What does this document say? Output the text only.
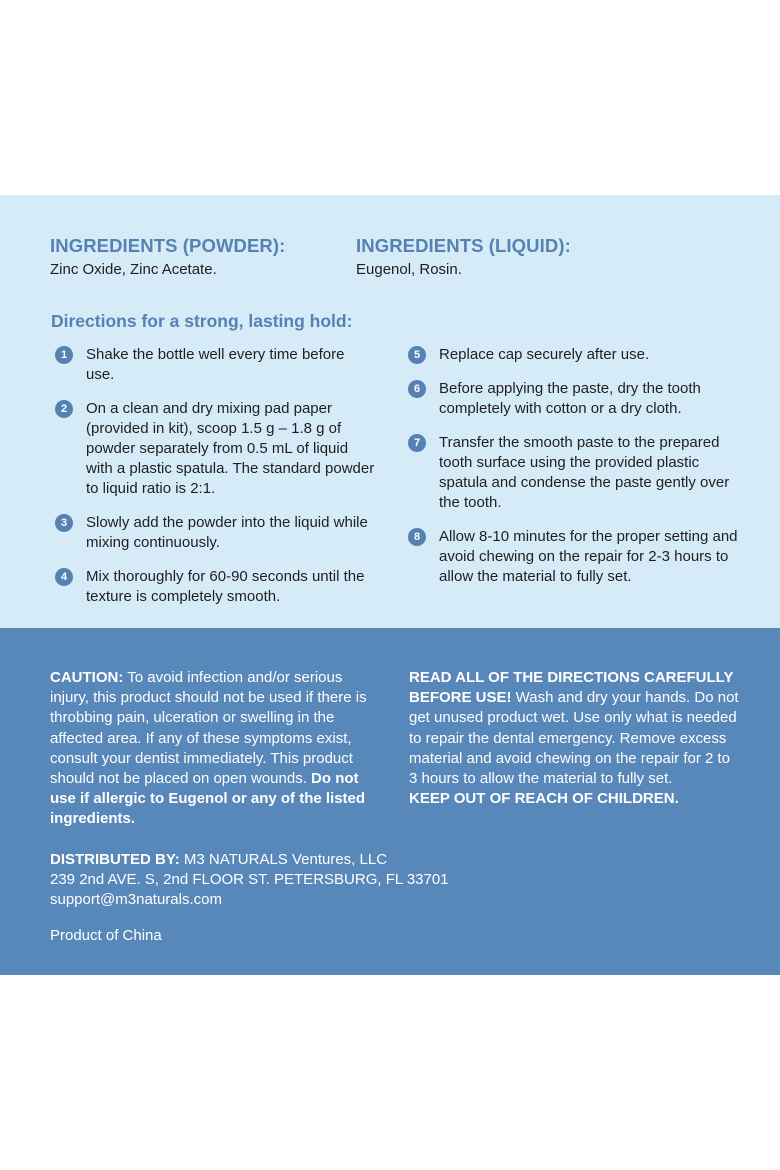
INGREDIENTS (POWDER):
Zinc Oxide, Zinc Acetate.
INGREDIENTS (LIQUID):
Eugenol, Rosin.
Directions for a strong, lasting hold:
1	Shake the bottle well every time before use.
2	On a clean and dry mixing pad paper (provided in kit), scoop 1.5 g – 1.8 g of powder separately from 0.5 mL of liquid with a plastic spatula. The standard powder to liquid ratio is 2:1.
3	Slowly add the powder into the liquid while mixing continuously.
4	Mix thoroughly for 60-90 seconds until the texture is completely smooth.
5	Replace cap securely after use.
6	Before applying the paste, dry the tooth completely with cotton or a dry cloth.
7	Transfer the smooth paste to the prepared tooth surface using the provided plastic spatula and condense the paste gently over the tooth.
8	Allow 8-10 minutes for the proper setting and avoid chewing on the repair for 2-3 hours to allow the material to fully set.
CAUTION: To avoid infection and/or serious injury, this product should not be used if there is throbbing pain, ulceration or swelling in the affected area. If any of these symptoms exist, consult your dentist immediately. This product should not be placed on open wounds. Do not use if allergic to Eugenol or any of the listed ingredients.
READ ALL OF THE DIRECTIONS CAREFULLY BEFORE USE! Wash and dry your hands. Do not get unused product wet. Use only what is needed to repair the dental emergency. Remove excess material and avoid chewing on the repair for 2 to 3 hours to allow the material to fully set.
KEEP OUT OF REACH OF CHILDREN.
DISTRIBUTED BY: M3 NATURALS Ventures, LLC
239 2nd AVE. S, 2nd FLOOR ST. PETERSBURG, FL 33701
support@m3naturals.com
Product of China
